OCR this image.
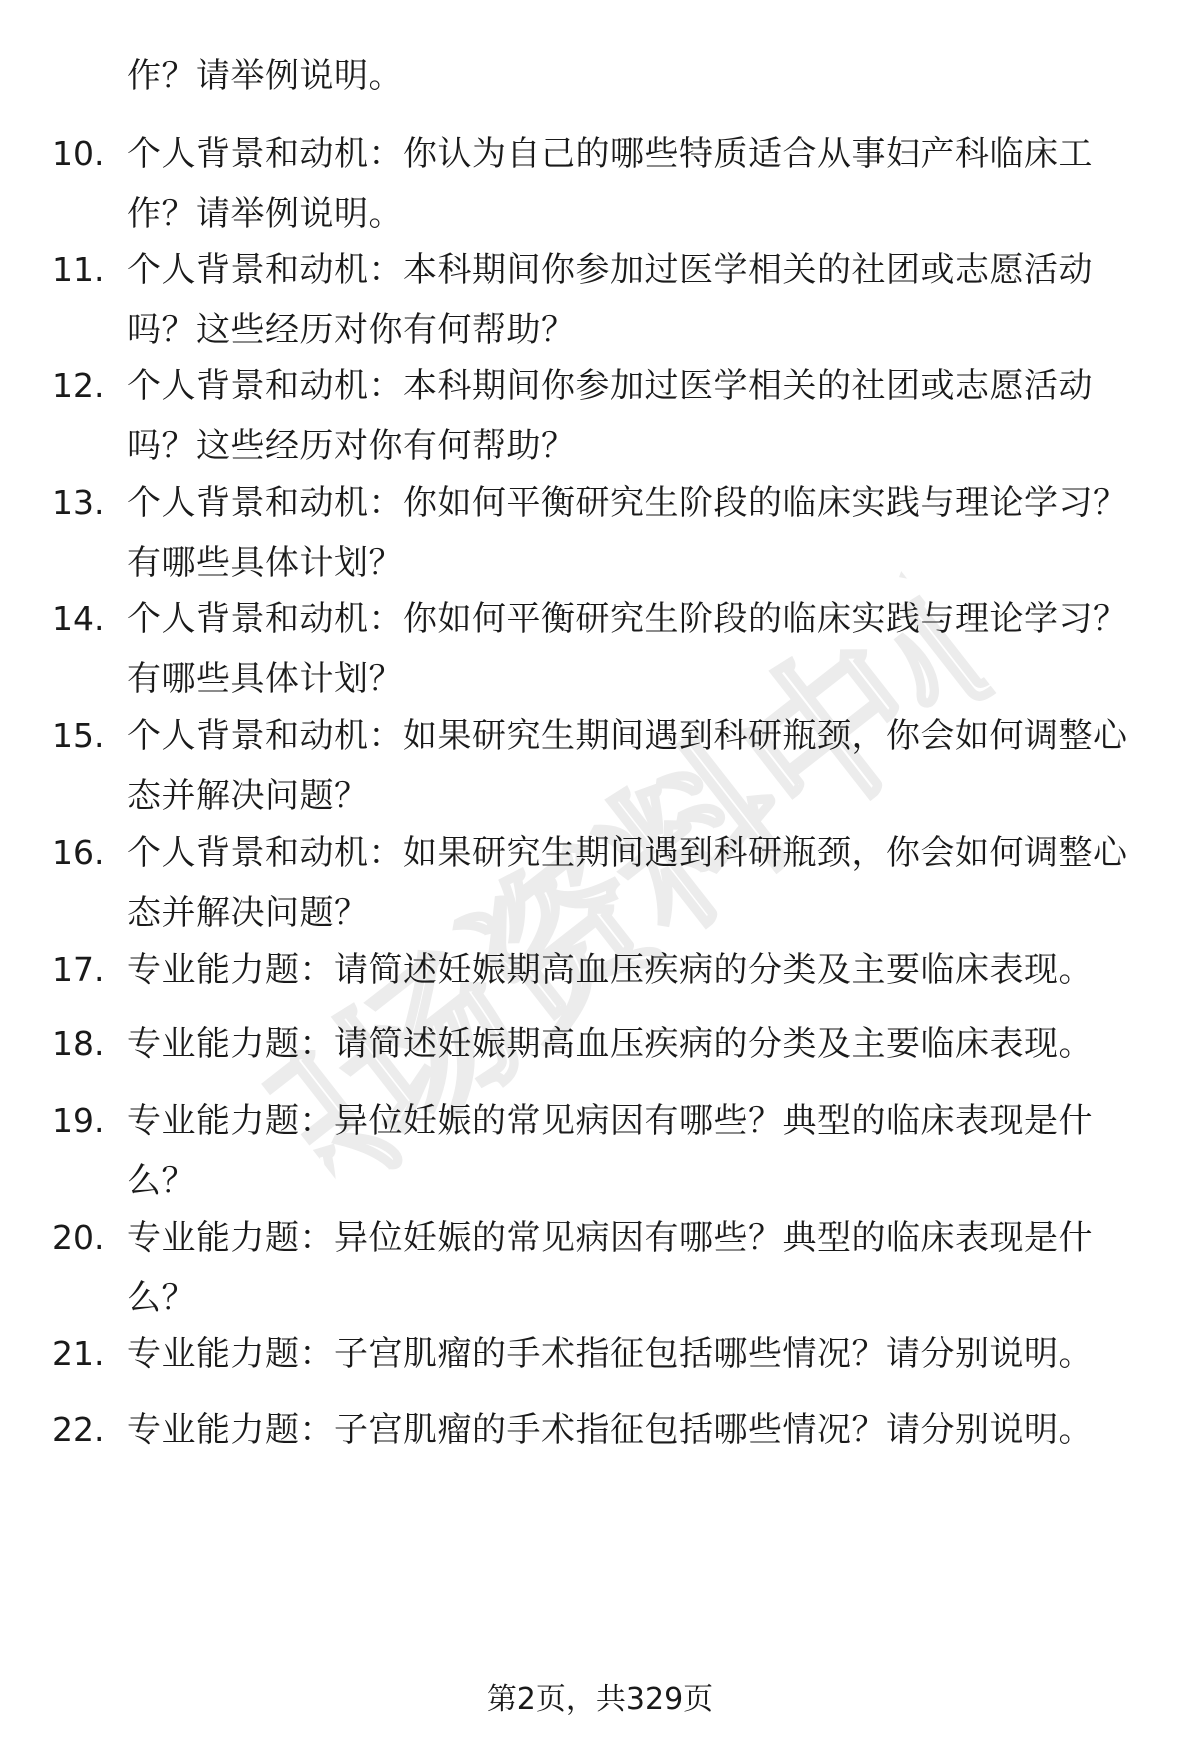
职场资料中心
作？请举例说明。
10. 个人背景和动机：你认为自己的哪些特质适合从事妇产科临床工作？请举例说明。
11. 个人背景和动机：本科期间你参加过医学相关的社团或志愿活动吗？这些经历对你有何帮助？
12. 个人背景和动机：本科期间你参加过医学相关的社团或志愿活动吗？这些经历对你有何帮助？
13. 个人背景和动机：你如何平衡研究生阶段的临床实践与理论学习？有哪些具体计划？
14. 个人背景和动机：你如何平衡研究生阶段的临床实践与理论学习？有哪些具体计划？
15. 个人背景和动机：如果研究生期间遇到科研瓶颈，你会如何调整心态并解决问题？
16. 个人背景和动机：如果研究生期间遇到科研瓶颈，你会如何调整心态并解决问题？
17. 专业能力题：请简述妊娠期高血压疾病的分类及主要临床表现。
18. 专业能力题：请简述妊娠期高血压疾病的分类及主要临床表现。
19. 专业能力题：异位妊娠的常见病因有哪些？典型的临床表现是什么？
20. 专业能力题：异位妊娠的常见病因有哪些？典型的临床表现是什么？
21. 专业能力题：子宫肌瘤的手术指征包括哪些情况？请分别说明。
22. 专业能力题：子宫肌瘤的手术指征包括哪些情况？请分别说明。
第2页，共329页
